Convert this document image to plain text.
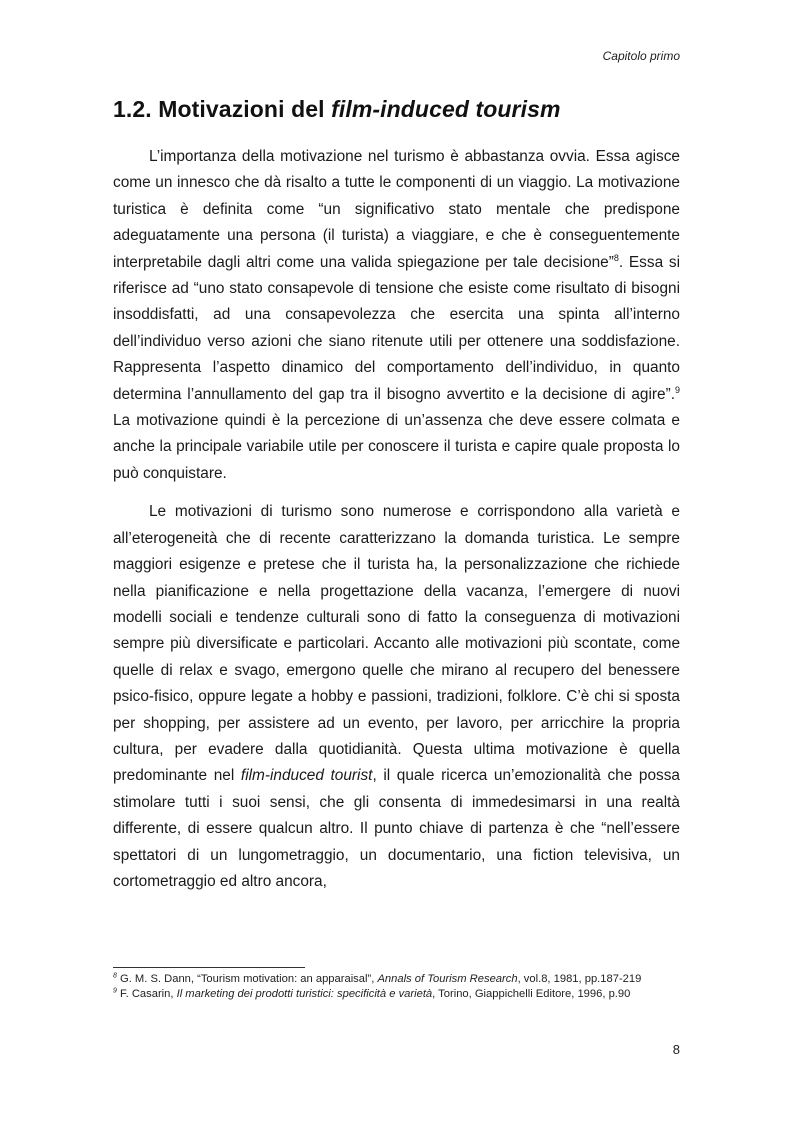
Capitolo primo
1.2. Motivazioni del film-induced tourism

L’importanza della motivazione nel turismo è abbastanza ovvia. Essa agisce come un innesco che dà risalto a tutte le componenti di un viaggio. La motivazione turistica è definita come “un significativo stato mentale che predispone adeguatamente una persona (il turista) a viaggiare, e che è conseguentemente interpretabile dagli altri come una valida spiegazione per tale decisione”$^8$. Essa si riferisce ad “uno stato consapevole di tensione che esiste come risultato di bisogni insoddisfatti, ad una consapevolezza che esercita una spinta all’interno dell’individuo verso azioni che siano ritenute utili per ottenere una soddisfazione. Rappresenta l’aspetto dinamico del comportamento dell’individuo, in quanto determina l’annullamento del gap tra il bisogno avvertito e la decisione di agire”.$^9$ La motivazione quindi è la percezione di un’assenza che deve essere colmata e anche la principale variabile utile per conoscere il turista e capire quale proposta lo può conquistare.

Le motivazioni di turismo sono numerose e corrispondono alla varietà e all’eterogeneità che di recente caratterizzano la domanda turistica. Le sempre maggiori esigenze e pretese che il turista ha, la personalizzazione che richiede nella pianificazione e nella progettazione della vacanza, l’emergere di nuovi modelli sociali e tendenze culturali sono di fatto la conseguenza di motivazioni sempre più diversificate e particolari. Accanto alle motivazioni più scontate, come quelle di relax e svago, emergono quelle che mirano al recupero del benessere psico-fisico, oppure legate a hobby e passioni, tradizioni, folklore. C’è chi si sposta per shopping, per assistere ad un evento, per lavoro, per arricchire la propria cultura, per evadere dalla quotidianità. Questa ultima motivazione è quella predominante nel film-induced tourist, il quale ricerca un’emozionalità che possa stimolare tutti i suoi sensi, che gli consenta di immedesimarsi in una realtà differente, di essere qualcun altro. Il punto chiave di partenza è che “nell’essere spettatori di un lungometraggio, un documentario, una fiction televisiva, un cortometraggio ed altro ancora,

$^8$ G. M. S. Dann, “Tourism motivation: an apparaisal”, Annals of Tourism Research, vol.8, 1981, pp.187-219

$^9$ F. Casarin, Il marketing dei prodotti turistici: specificità e varietà, Torino, Giappichelli Editore, 1996, p.90

8
